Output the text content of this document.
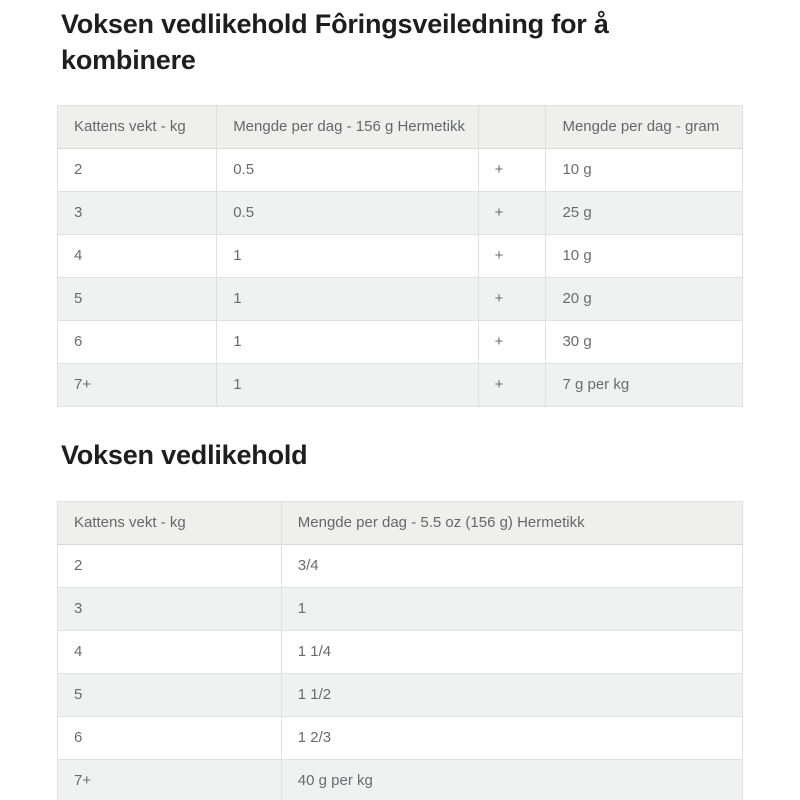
Voksen vedlikehold Fôringsveiledning for å kombinere
Kattens vekt - kg	Mengde per dag - 156 g Hermetikk		Mengde per dag - gram
2	0.5	+	10 g
3	0.5	+	25 g
4	1	+	10 g
5	1	+	20 g
6	1	+	30 g
7+	1	+	7 g per kg
Voksen vedlikehold
Kattens vekt - kg	Mengde per dag - 5.5 oz (156 g) Hermetikk
2	3/4
3	1
4	1 1/4
5	1 1/2
6	1 2/3
7+	40 g per kg
